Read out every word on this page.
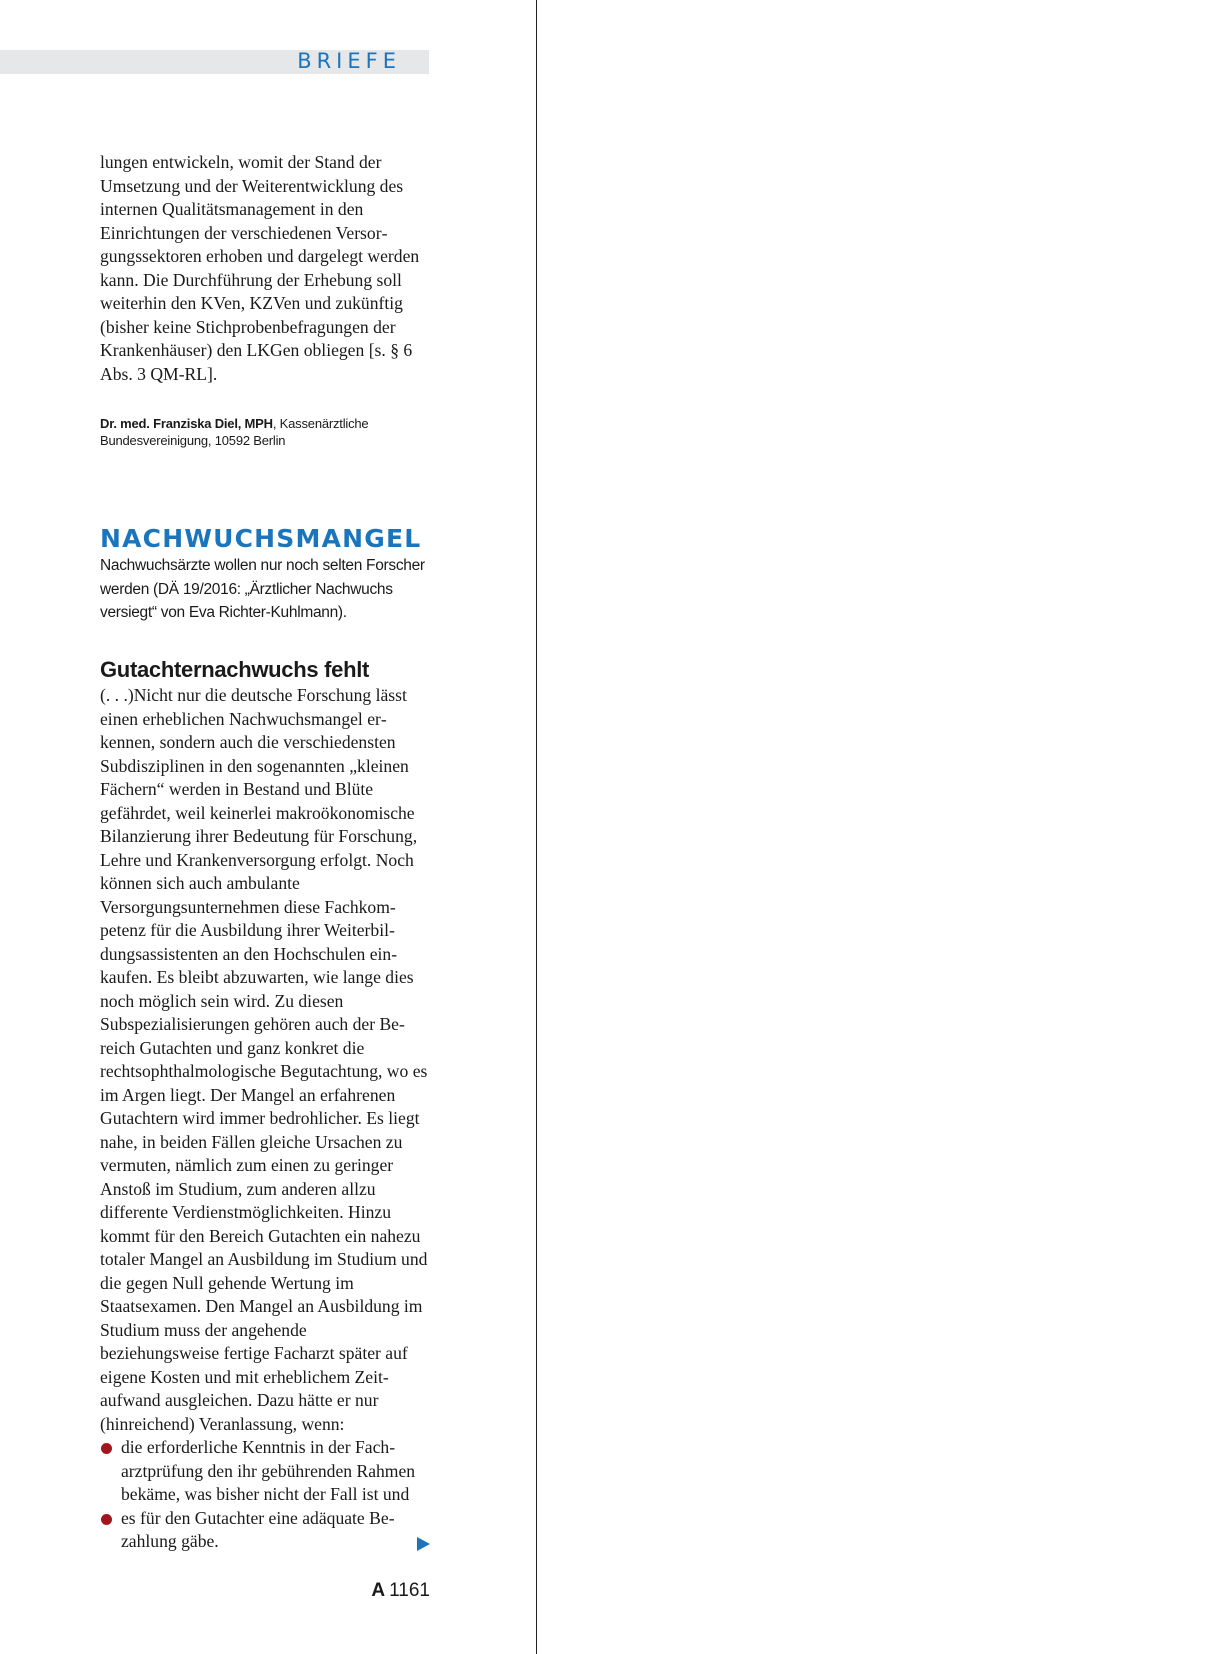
BRIEFE

lungen entwickeln, womit der Stand der Umsetzung und der Weiterentwicklung des internen Qualitätsmanagement in den Einrichtungen der verschiedenen Versorgungssektoren erhoben und dargelegt werden kann. Die Durchführung der Erhebung soll weiterhin den KVen, KZVen und zukünftig (bisher keine Stichprobenbefragungen der Krankenhäuser) den LKGen obliegen [s. § 6 Abs. 3 QM-RL].

Dr. med. Franziska Diel, MPH, Kassenärztliche Bundesvereinigung, 10592 Berlin

NACHWUCHSMANGEL

Nachwuchsärzte wollen nur noch selten Forscher werden (DÄ 19/2016: „Ärztlicher Nachwuchs versiegt“ von Eva Richter-Kuhlmann).

Gutachternachwuchs fehlt

(. . .)Nicht nur die deutsche Forschung lässt einen erheblichen Nachwuchsmangel erkennen, sondern auch die verschiedensten Subdisziplinen in den sogenannten „kleinen Fächern“ werden in Bestand und Blüte gefährdet, weil keinerlei makroökonomische Bilanzierung ihrer Bedeutung für Forschung, Lehre und Krankenversorgung erfolgt. Noch können sich auch ambulante Versorgungsunternehmen diese Fachkompetenz für die Ausbildung ihrer Weiterbildungsassistenten an den Hochschulen einkaufen. Es bleibt abzuwarten, wie lange dies noch möglich sein wird. Zu diesen Subspezialisierungen gehören auch der Bereich Gutachten und ganz konkret die rechtsophthalmologische Begutachtung, wo es im Argen liegt. Der Mangel an erfahrenen Gutachtern wird immer bedrohlicher. Es liegt nahe, in beiden Fällen gleiche Ursachen zu vermuten, nämlich zum einen zu geringer Anstoß im Studium, zum anderen allzu differente Verdienstmöglichkeiten. Hinzu kommt für den Bereich Gutachten ein nahezu totaler Mangel an Ausbildung im Studium und die gegen Null gehende Wertung im Staatsexamen. Den Mangel an Ausbildung im Studium muss der angehende beziehungsweise fertige Facharzt später auf eigene Kosten und mit erheblichem Zeitaufwand ausgleichen. Dazu hätte er nur (hinreichend) Veranlassung, wenn:

die erforderliche Kenntnis in der Facharztprüfung den ihr gebührenden Rahmen bekäme, was bisher nicht der Fall ist und
es für den Gutachter eine adäquate Bezahlung gäbe.
A 1161
